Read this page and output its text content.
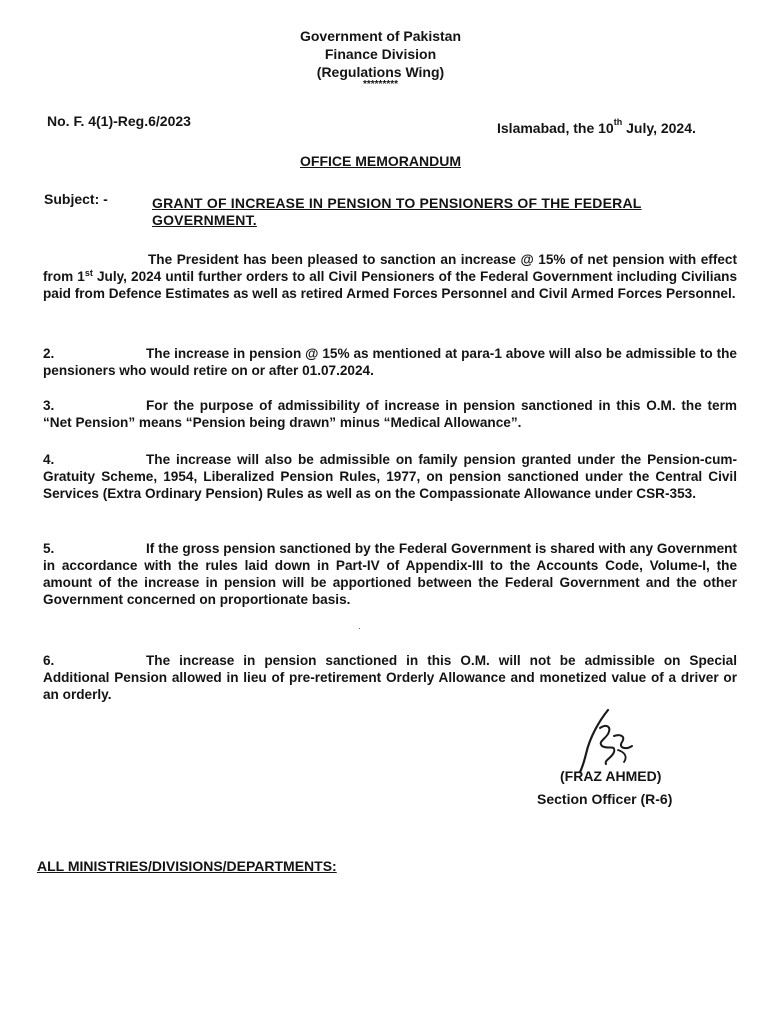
Government of Pakistan
Finance Division
(Regulations Wing)
*********
No. F. 4(1)-Reg.6/2023	Islamabad, the 10th July, 2024.
OFFICE MEMORANDUM
Subject: -	GRANT OF INCREASE IN PENSION TO PENSIONERS OF THE FEDERAL GOVERNMENT.
The President has been pleased to sanction an increase @ 15% of net pension with effect from 1st July, 2024 until further orders to all Civil Pensioners of the Federal Government including Civilians paid from Defence Estimates as well as retired Armed Forces Personnel and Civil Armed Forces Personnel.
2.	The increase in pension @ 15% as mentioned at para-1 above will also be admissible to the pensioners who would retire on or after 01.07.2024.
3.	For the purpose of admissibility of increase in pension sanctioned in this O.M. the term “Net Pension” means “Pension being drawn” minus “Medical Allowance”.
4.	The increase will also be admissible on family pension granted under the Pension-cum-Gratuity Scheme, 1954, Liberalized Pension Rules, 1977, on pension sanctioned under the Central Civil Services (Extra Ordinary Pension) Rules as well as on the Compassionate Allowance under CSR-353.
5.	If the gross pension sanctioned by the Federal Government is shared with any Government in accordance with the rules laid down in Part-IV of Appendix-III to the Accounts Code, Volume-I, the amount of the increase in pension will be apportioned between the Federal Government and the other Government concerned on proportionate basis.
·
6.	The increase in pension sanctioned in this O.M. will not be admissible on Special Additional Pension allowed in lieu of pre-retirement Orderly Allowance and monetized value of a driver or an orderly.
(FRAZ AHMED)
Section Officer (R-6)
ALL MINISTRIES/DIVISIONS/DEPARTMENTS:
